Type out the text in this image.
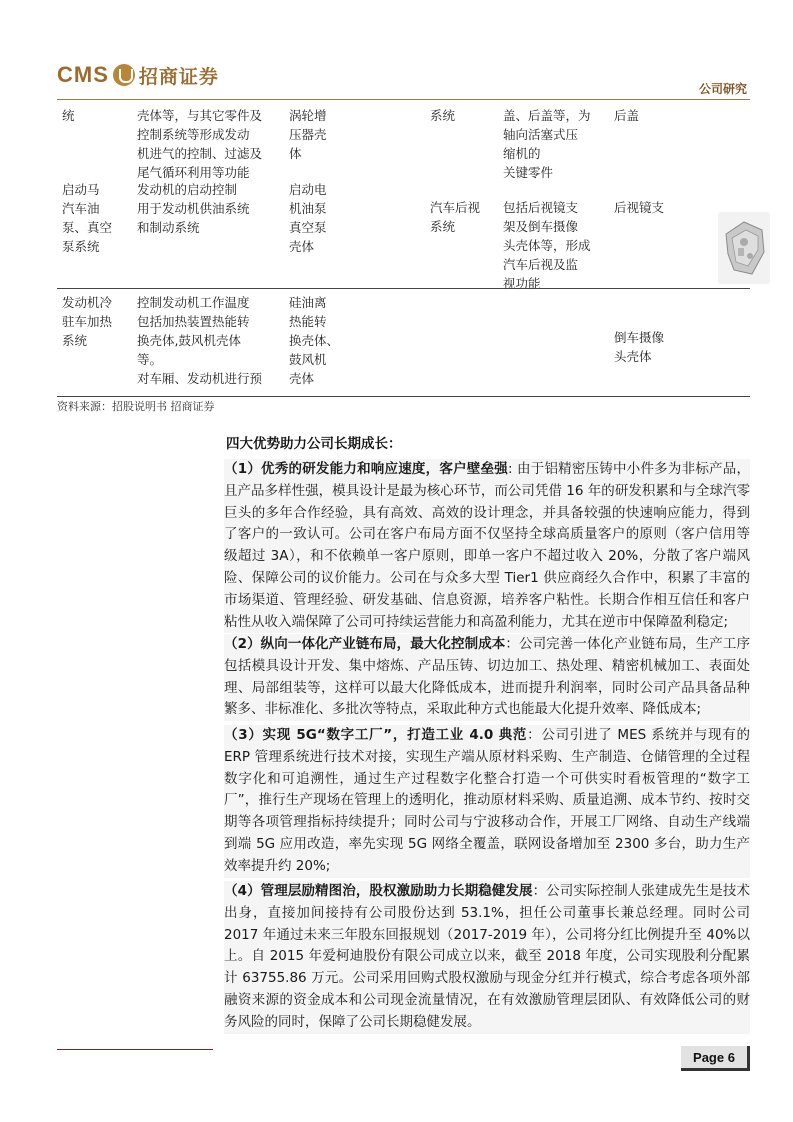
CMS 招商证券
公司研究
统	壳体等，与其它零件及
控制系统等形成发动
机进气的控制、过滤及
尾气循环利用等功能
涡轮增
压器壳
体
系统	盖、后盖等，为
轴向活塞式压
缩机的
关键零件
后盖
启动马
汽车油
泵、真空
泵系统
发动机的启动控制
用于发动机供油系统
和制动系统
启动电
机油泵
真空泵
壳体
汽车后视
系统
包括后视镜支
架及倒车摄像
头壳体等，形成
汽车后视及监
视功能
后视镜支
发动机冷
驻车加热
系统
控制发动机工作温度
包括加热装置热能转
换壳体,鼓风机壳体
等。
对车厢、发动机进行预
硅油离
热能转
换壳体、
鼓风机
壳体
倒车摄像
头壳体
资料来源：招股说明书 招商证券
四大优势助力公司长期成长：
（1）优秀的研发能力和响应速度，客户壁垒强: 由于铝精密压铸中小件多为非标产品，且产品多样性强，模具设计是最为核心环节，而公司凭借 16 年的研发积累和与全球汽零巨头的多年合作经验，具有高效、高效的设计理念，并具备较强的快速响应能力，得到了客户的一致认可。公司在客户布局方面不仅坚持全球高质量客户的原则（客户信用等级超过 3A），和不依赖单一客户原则，即单一客户不超过收入 20%，分散了客户端风险、保障公司的议价能力。公司在与众多大型 Tier1 供应商经久合作中，积累了丰富的市场渠道、管理经验、研发基础、信息资源，培养客户粘性。长期合作相互信任和客户粘性从收入端保障了公司可持续运营能力和高盈利能力，尤其在逆市中保障盈利稳定;
（2）纵向一体化产业链布局，最大化控制成本：公司完善一体化产业链布局，生产工序包括模具设计开发、集中熔炼、产品压铸、切边加工、热处理、精密机械加工、表面处理、局部组装等，这样可以最大化降低成本，进而提升利润率，同时公司产品具备品种繁多、非标准化、多批次等特点，采取此种方式也能最大化提升效率、降低成本;
（3）实现 5G“数字工厂”，打造工业 4.0 典范：公司引进了 MES 系统并与现有的 ERP 管理系统进行技术对接，实现生产端从原材料采购、生产制造、仓储管理的全过程数字化和可追溯性，通过生产过程数字化整合打造一个可供实时看板管理的“数字工厂”，推行生产现场在管理上的透明化，推动原材料采购、质量追溯、成本节约、按时交期等各项管理指标持续提升；同时公司与宁波移动合作，开展工厂网络、自动生产线端到端 5G 应用改造，率先实现 5G 网络全覆盖，联网设备增加至 2300 多台，助力生产效率提升约 20%;
（4）管理层励精图治，股权激励助力长期稳健发展：公司实际控制人张建成先生是技术出身，直接加间接持有公司股份达到 53.1%，担任公司董事长兼总经理。同时公司 2017 年通过未来三年股东回报规划（2017-2019 年），公司将分红比例提升至 40%以上。自 2015 年爱柯迪股份有限公司成立以来，截至 2018 年度，公司实现股利分配累计 63755.86 万元。公司采用回购式股权激励与现金分红并行模式，综合考虑各项外部融资来源的资金成本和公司现金流量情况，在有效激励管理层团队、有效降低公司的财务风险的同时，保障了公司长期稳健发展。
Page 6
